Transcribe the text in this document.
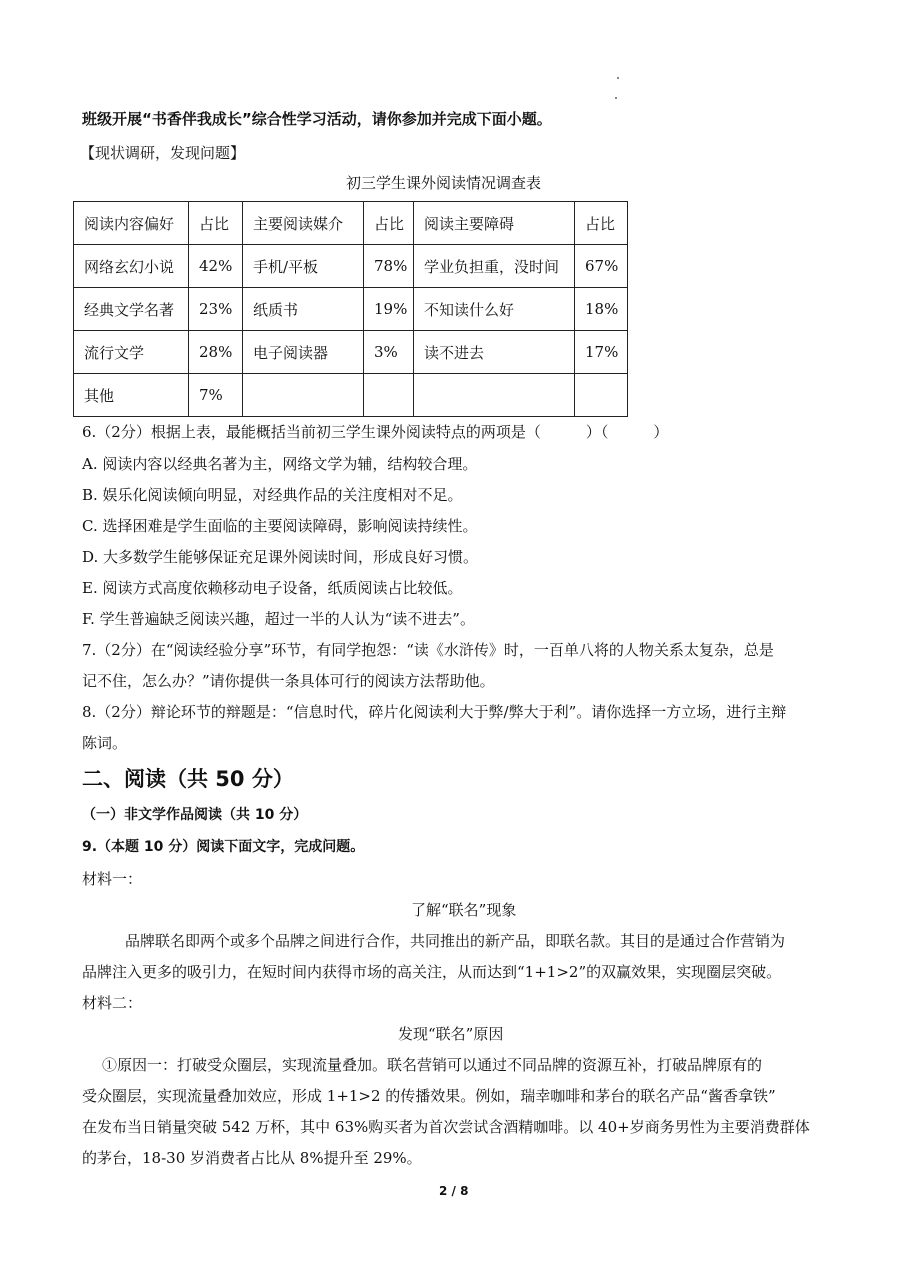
班级开展“书香伴我成长”综合性学习活动，请你参加并完成下面小题。
【现状调研，发现问题】
初三学生课外阅读情况调查表
阅读内容偏好	占比	主要阅读媒介	占比	阅读主要障碍	占比
网络玄幻小说	42%	手机/平板	78%	学业负担重，没时间	67%
经典文学名著	23%	纸质书	19%	不知读什么好	18%
流行文学	28%	电子阅读器	3%	读不进去	17%
其他	7%				
6.（2分）根据上表，最能概括当前初三学生课外阅读特点的两项是（　　　）（　　　）
A. 阅读内容以经典名著为主，网络文学为辅，结构较合理。
B. 娱乐化阅读倾向明显，对经典作品的关注度相对不足。
C. 选择困难是学生面临的主要阅读障碍，影响阅读持续性。
D. 大多数学生能够保证充足课外阅读时间，形成良好习惯。
E. 阅读方式高度依赖移动电子设备，纸质阅读占比较低。
F. 学生普遍缺乏阅读兴趣，超过一半的人认为“读不进去”。
7.（2分）在“阅读经验分享”环节，有同学抱怨：“读《水浒传》时，一百单八将的人物关系太复杂，总是
记不住，怎么办？”请你提供一条具体可行的阅读方法帮助他。
8.（2分）辩论环节的辩题是：“信息时代，碎片化阅读利大于弊/弊大于利”。请你选择一方立场，进行主辩
陈词。
二、阅读（共 50 分）
（一）非文学作品阅读（共 10 分）
9.（本题 10 分）阅读下面文字，完成问题。
材料一：
了解“联名”现象
品牌联名即两个或多个品牌之间进行合作，共同推出的新产品，即联名款。其目的是通过合作营销为
品牌注入更多的吸引力，在短时间内获得市场的高关注，从而达到“1+1>2”的双赢效果，实现圈层突破。
材料二：
发现“联名”原因
①原因一：打破受众圈层，实现流量叠加。联名营销可以通过不同品牌的资源互补，打破品牌原有的
受众圈层，实现流量叠加效应，形成 1+1>2 的传播效果。例如，瑞幸咖啡和茅台的联名产品“酱香拿铁”
在发布当日销量突破 542 万杯，其中 63%购买者为首次尝试含酒精咖啡。以 40+岁商务男性为主要消费群体
的茅台，18-30 岁消费者占比从 8%提升至 29%。
2 / 8
